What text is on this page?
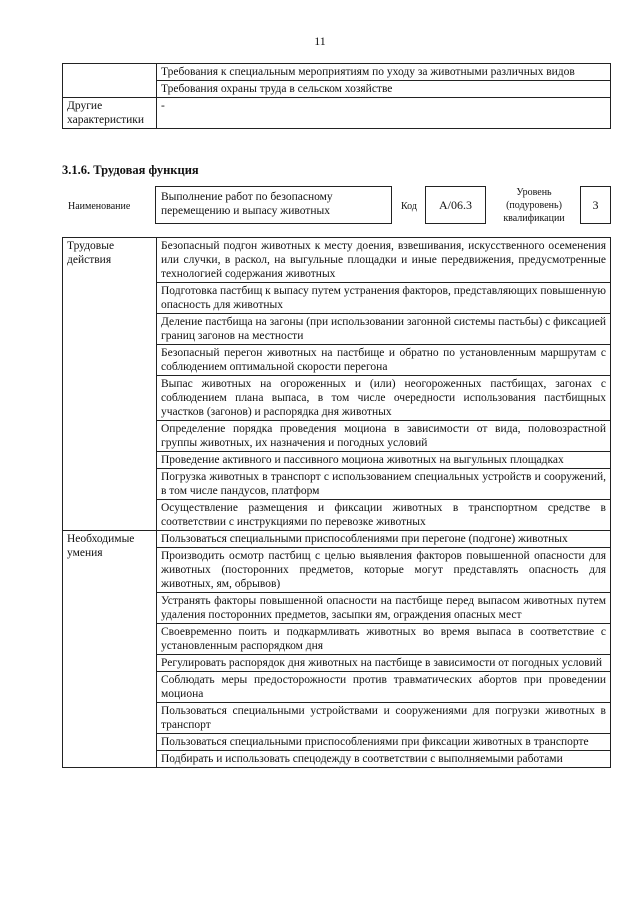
11
	Требования к специальным мероприятиям по уходу за животными различных видов
	Требования охраны труда в сельском хозяйстве
Другие характеристики	-
3.1.6. Трудовая функция
Наименование
Выполнение работ по безопасному перемещению и выпасу животных	Код	А/06.3
Уровень (подуровень) квалификации
3
Трудовые действия	Безопасный подгон животных к месту доения, взвешивания, искусственного осеменения или случки, в раскол, на выгульные площадки и иные передвижения, предусмотренные технологией содержания животных
	Подготовка пастбищ к выпасу путем устранения факторов, представляющих повышенную опасность для животных
	Деление пастбища на загоны (при использовании загонной системы пастьбы) с фиксацией границ загонов на местности
	Безопасный перегон животных на пастбище и обратно по установленным маршрутам с соблюдением оптимальной скорости перегона
	Выпас животных на огороженных и (или) неогороженных пастбищах, загонах с соблюдением плана выпаса, в том числе очередности использования пастбищных участков (загонов) и распорядка дня животных
	Определение порядка проведения моциона в зависимости от вида, половозрастной группы животных, их назначения и погодных условий
	Проведение активного и пассивного моциона животных на выгульных площадках
	Погрузка животных в транспорт с использованием специальных устройств и сооружений, в том числе пандусов, платформ
	Осуществление размещения и фиксации животных в транспортном средстве в соответствии с инструкциями по перевозке животных
Необходимые умения	Пользоваться специальными приспособлениями при перегоне (подгоне) животных
	Производить осмотр пастбищ с целью выявления факторов повышенной опасности для животных (посторонних предметов, которые могут представлять опасность для животных, ям, обрывов)
	Устранять факторы повышенной опасности на пастбище перед выпасом животных путем удаления посторонних предметов, засыпки ям, ограждения опасных мест
	Своевременно поить и подкармливать животных во время выпаса в соответствие с установленным распорядком дня
	Регулировать распорядок дня животных на пастбище в зависимости от погодных условий
	Соблюдать меры предосторожности против травматических абортов при проведении моциона
	Пользоваться специальными устройствами и сооружениями для погрузки животных в транспорт
	Пользоваться специальными приспособлениями при фиксации животных в транспорте
	Подбирать и использовать спецодежду в соответствии с выполняемыми работами
